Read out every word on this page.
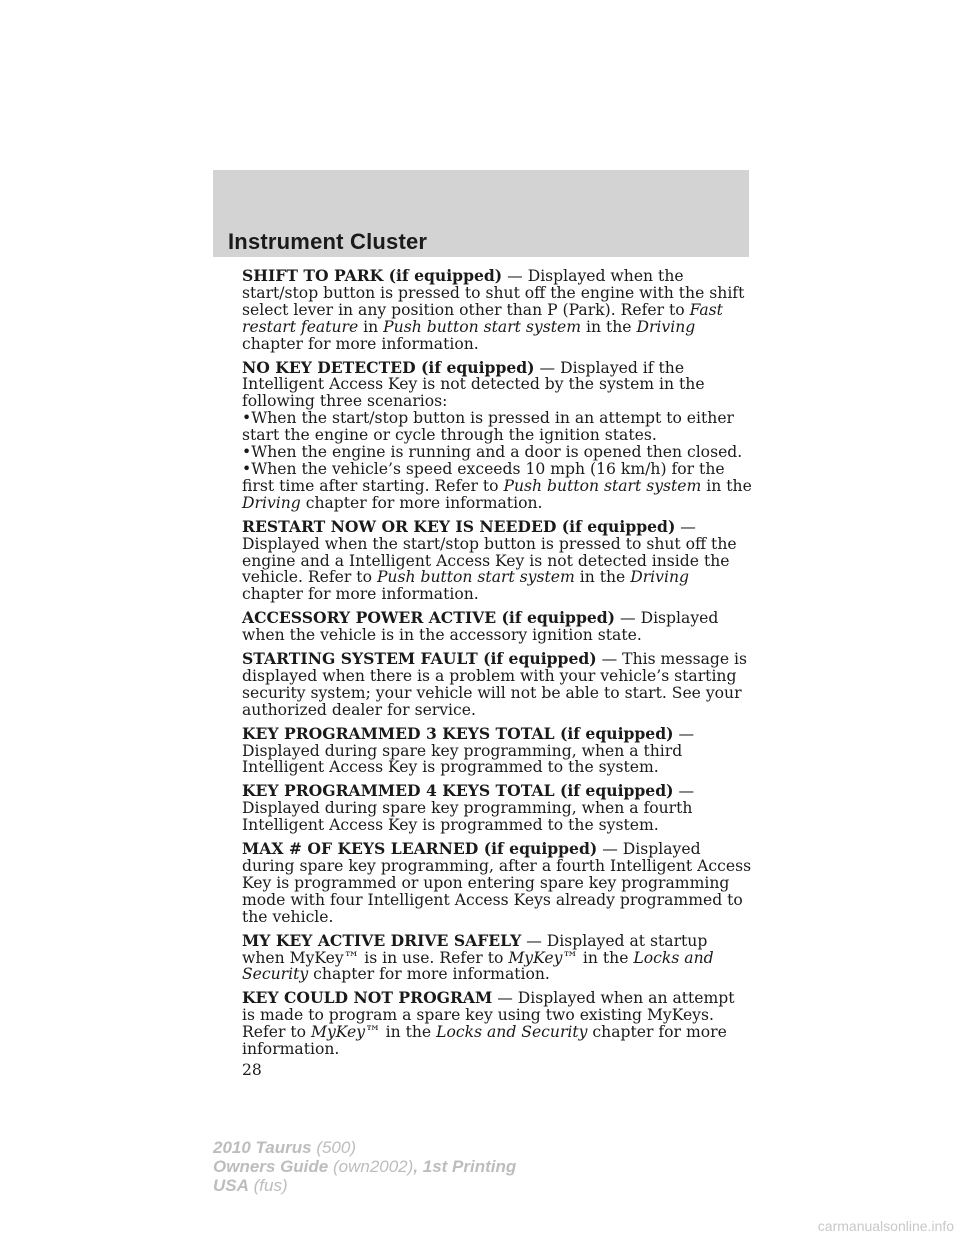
Instrument Cluster

SHIFT TO PARK (if equipped) — Displayed when the start/stop button is pressed to shut off the engine with the shift select lever in any position other than P (Park). Refer to Fast restart feature in Push button start system in the Driving chapter for more information.

NO KEY DETECTED (if equipped) — Displayed if the Intelligent Access Key is not detected by the system in the following three scenarios:
•When the start/stop button is pressed in an attempt to either start the engine or cycle through the ignition states.
•When the engine is running and a door is opened then closed.
•When the vehicle’s speed exceeds 10 mph (16 km/h) for the first time after starting. Refer to Push button start system in the Driving chapter for more information.

RESTART NOW OR KEY IS NEEDED (if equipped) — Displayed when the start/stop button is pressed to shut off the engine and a Intelligent Access Key is not detected inside the vehicle. Refer to Push button start system in the Driving chapter for more information.

ACCESSORY POWER ACTIVE (if equipped) — Displayed when the vehicle is in the accessory ignition state.

STARTING SYSTEM FAULT (if equipped) — This message is displayed when there is a problem with your vehicle’s starting security system; your vehicle will not be able to start. See your authorized dealer for service.

KEY PROGRAMMED 3 KEYS TOTAL (if equipped) — Displayed during spare key programming, when a third Intelligent Access Key is programmed to the system.

KEY PROGRAMMED 4 KEYS TOTAL (if equipped) — Displayed during spare key programming, when a fourth Intelligent Access Key is programmed to the system.

MAX # OF KEYS LEARNED (if equipped) — Displayed during spare key programming, after a fourth Intelligent Access Key is programmed or upon entering spare key programming mode with four Intelligent Access Keys already programmed to the vehicle.

MY KEY ACTIVE DRIVE SAFELY — Displayed at startup when MyKey™ is in use. Refer to MyKey™ in the Locks and Security chapter for more information.

KEY COULD NOT PROGRAM — Displayed when an attempt is made to program a spare key using two existing MyKeys. Refer to MyKey™ in the Locks and Security chapter for more information.

28
2010 Taurus (500)
Owners Guide (own2002), 1st Printing
USA (fus)
carmanualsonline.info
